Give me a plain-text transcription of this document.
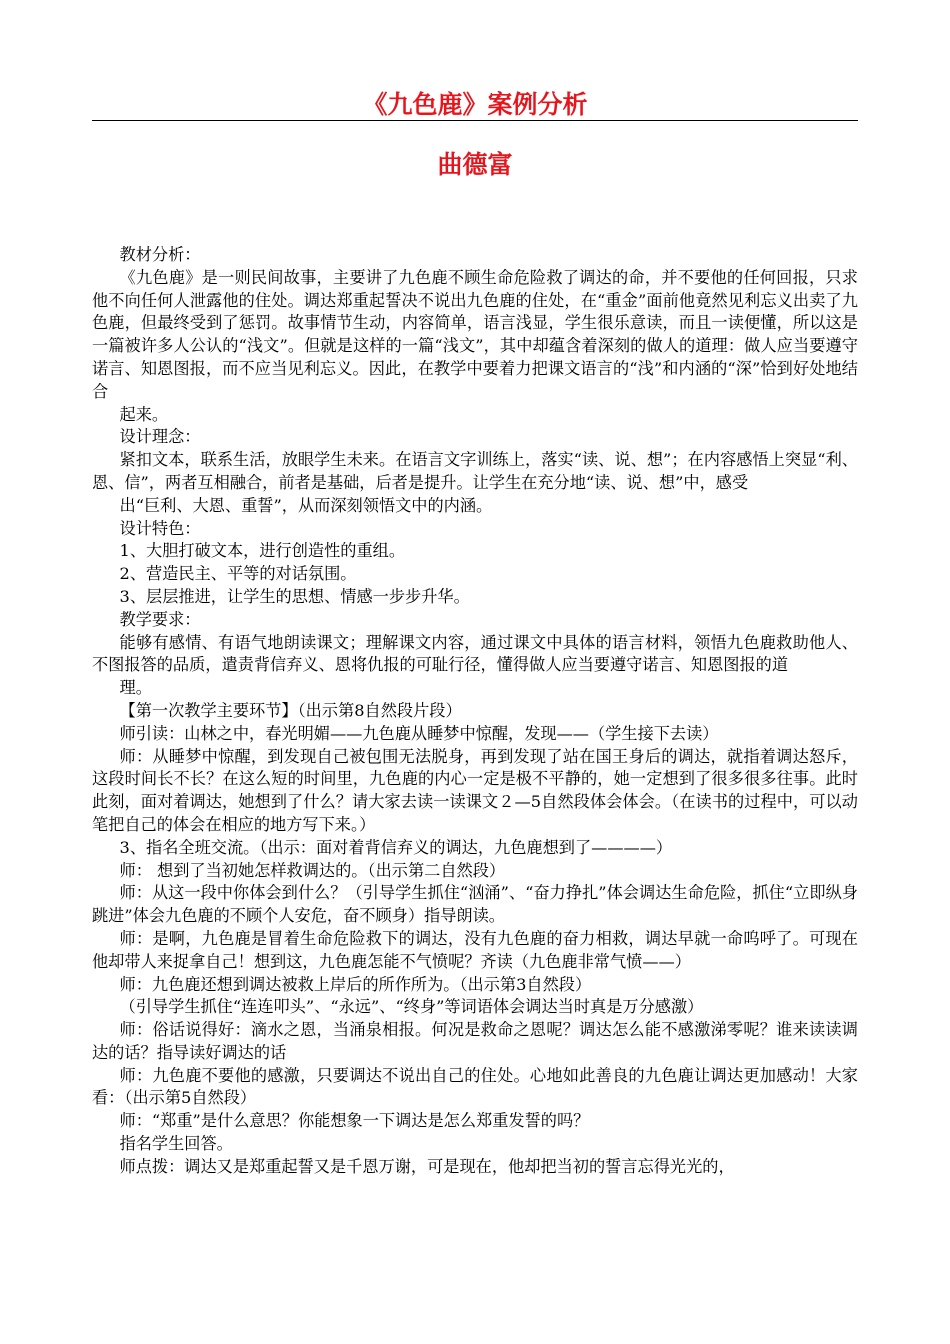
《九色鹿》案例分析
曲德富

教材分析：

《九色鹿》是一则民间故事，主要讲了九色鹿不顾生命危险救了调达的命，并不要他的任何回报，只求他不向任何人泄露他的住处。调达郑重起誓决不说出九色鹿的住处，在“重金”面前他竟然见利忘义出卖了九色鹿，但最终受到了惩罚。故事情节生动，内容简单，语言浅显，学生很乐意读，而且一读便懂，所以这是一篇被许多人公认的“浅文”。但就是这样的一篇“浅文”，其中却蕴含着深刻的做人的道理：做人应当要遵守诺言、知恩图报，而不应当见利忘义。因此，在教学中要着力把课文语言的“浅”和内涵的“深”恰到好处地结合

起来。

设计理念：

紧扣文本，联系生活，放眼学生未来。在语言文字训练上，落实“读、说、想”；在内容感悟上突显“利、恩、信”，两者互相融合，前者是基础，后者是提升。让学生在充分地“读、说、想”中，感受

出“巨利、大恩、重誓”，从而深刻领悟文中的内涵。

设计特色：

1、大胆打破文本，进行创造性的重组。

2、营造民主、平等的对话氛围。

3、层层推进，让学生的思想、情感一步步升华。

教学要求：

能够有感情、有语气地朗读课文；理解课文内容，通过课文中具体的语言材料，领悟九色鹿救助他人、不图报答的品质，遣责背信弃义、恩将仇报的可耻行径，懂得做人应当要遵守诺言、知恩图报的道

理。

【第一次教学主要环节】（出示第8自然段片段）

师引读：山林之中，春光明媚——九色鹿从睡梦中惊醒，发现——（学生接下去读）

师：从睡梦中惊醒，到发现自己被包围无法脱身，再到发现了站在国王身后的调达，就指着调达怒斥，这段时间长不长？在这么短的时间里，九色鹿的内心一定是极不平静的，她一定想到了很多很多往事。此时此刻，面对着调达，她想到了什么？请大家去读一读课文２—5自然段体会体会。（在读书的过程中，可以动笔把自己的体会在相应的地方写下来。）

3、指名全班交流。（出示：面对着背信弃义的调达，九色鹿想到了————）

师： 想到了当初她怎样救调达的。（出示第二自然段）

师：从这一段中你体会到什么？（引导学生抓住“汹涌”、“奋力挣扎”体会调达生命危险，抓住“立即纵身跳进”体会九色鹿的不顾个人安危，奋不顾身）指导朗读。

师：是啊，九色鹿是冒着生命危险救下的调达，没有九色鹿的奋力相救，调达早就一命呜呼了。可现在他却带人来捉拿自己！想到这，九色鹿怎能不气愤呢？齐读（九色鹿非常气愤——）

师：九色鹿还想到调达被救上岸后的所作所为。（出示第3自然段）

（引导学生抓住“连连叩头”、“永远”、“终身”等词语体会调达当时真是万分感激）

师：俗话说得好：滴水之恩，当涌泉相报。何况是救命之恩呢？调达怎么能不感激涕零呢？谁来读读调达的话？指导读好调达的话

师：九色鹿不要他的感激，只要调达不说出自己的住处。心地如此善良的九色鹿让调达更加感动！大家看：（出示第5自然段）

师：“郑重”是什么意思？你能想象一下调达是怎么郑重发誓的吗？

指名学生回答。

师点拨：调达又是郑重起誓又是千恩万谢，可是现在，他却把当初的誓言忘得光光的，
